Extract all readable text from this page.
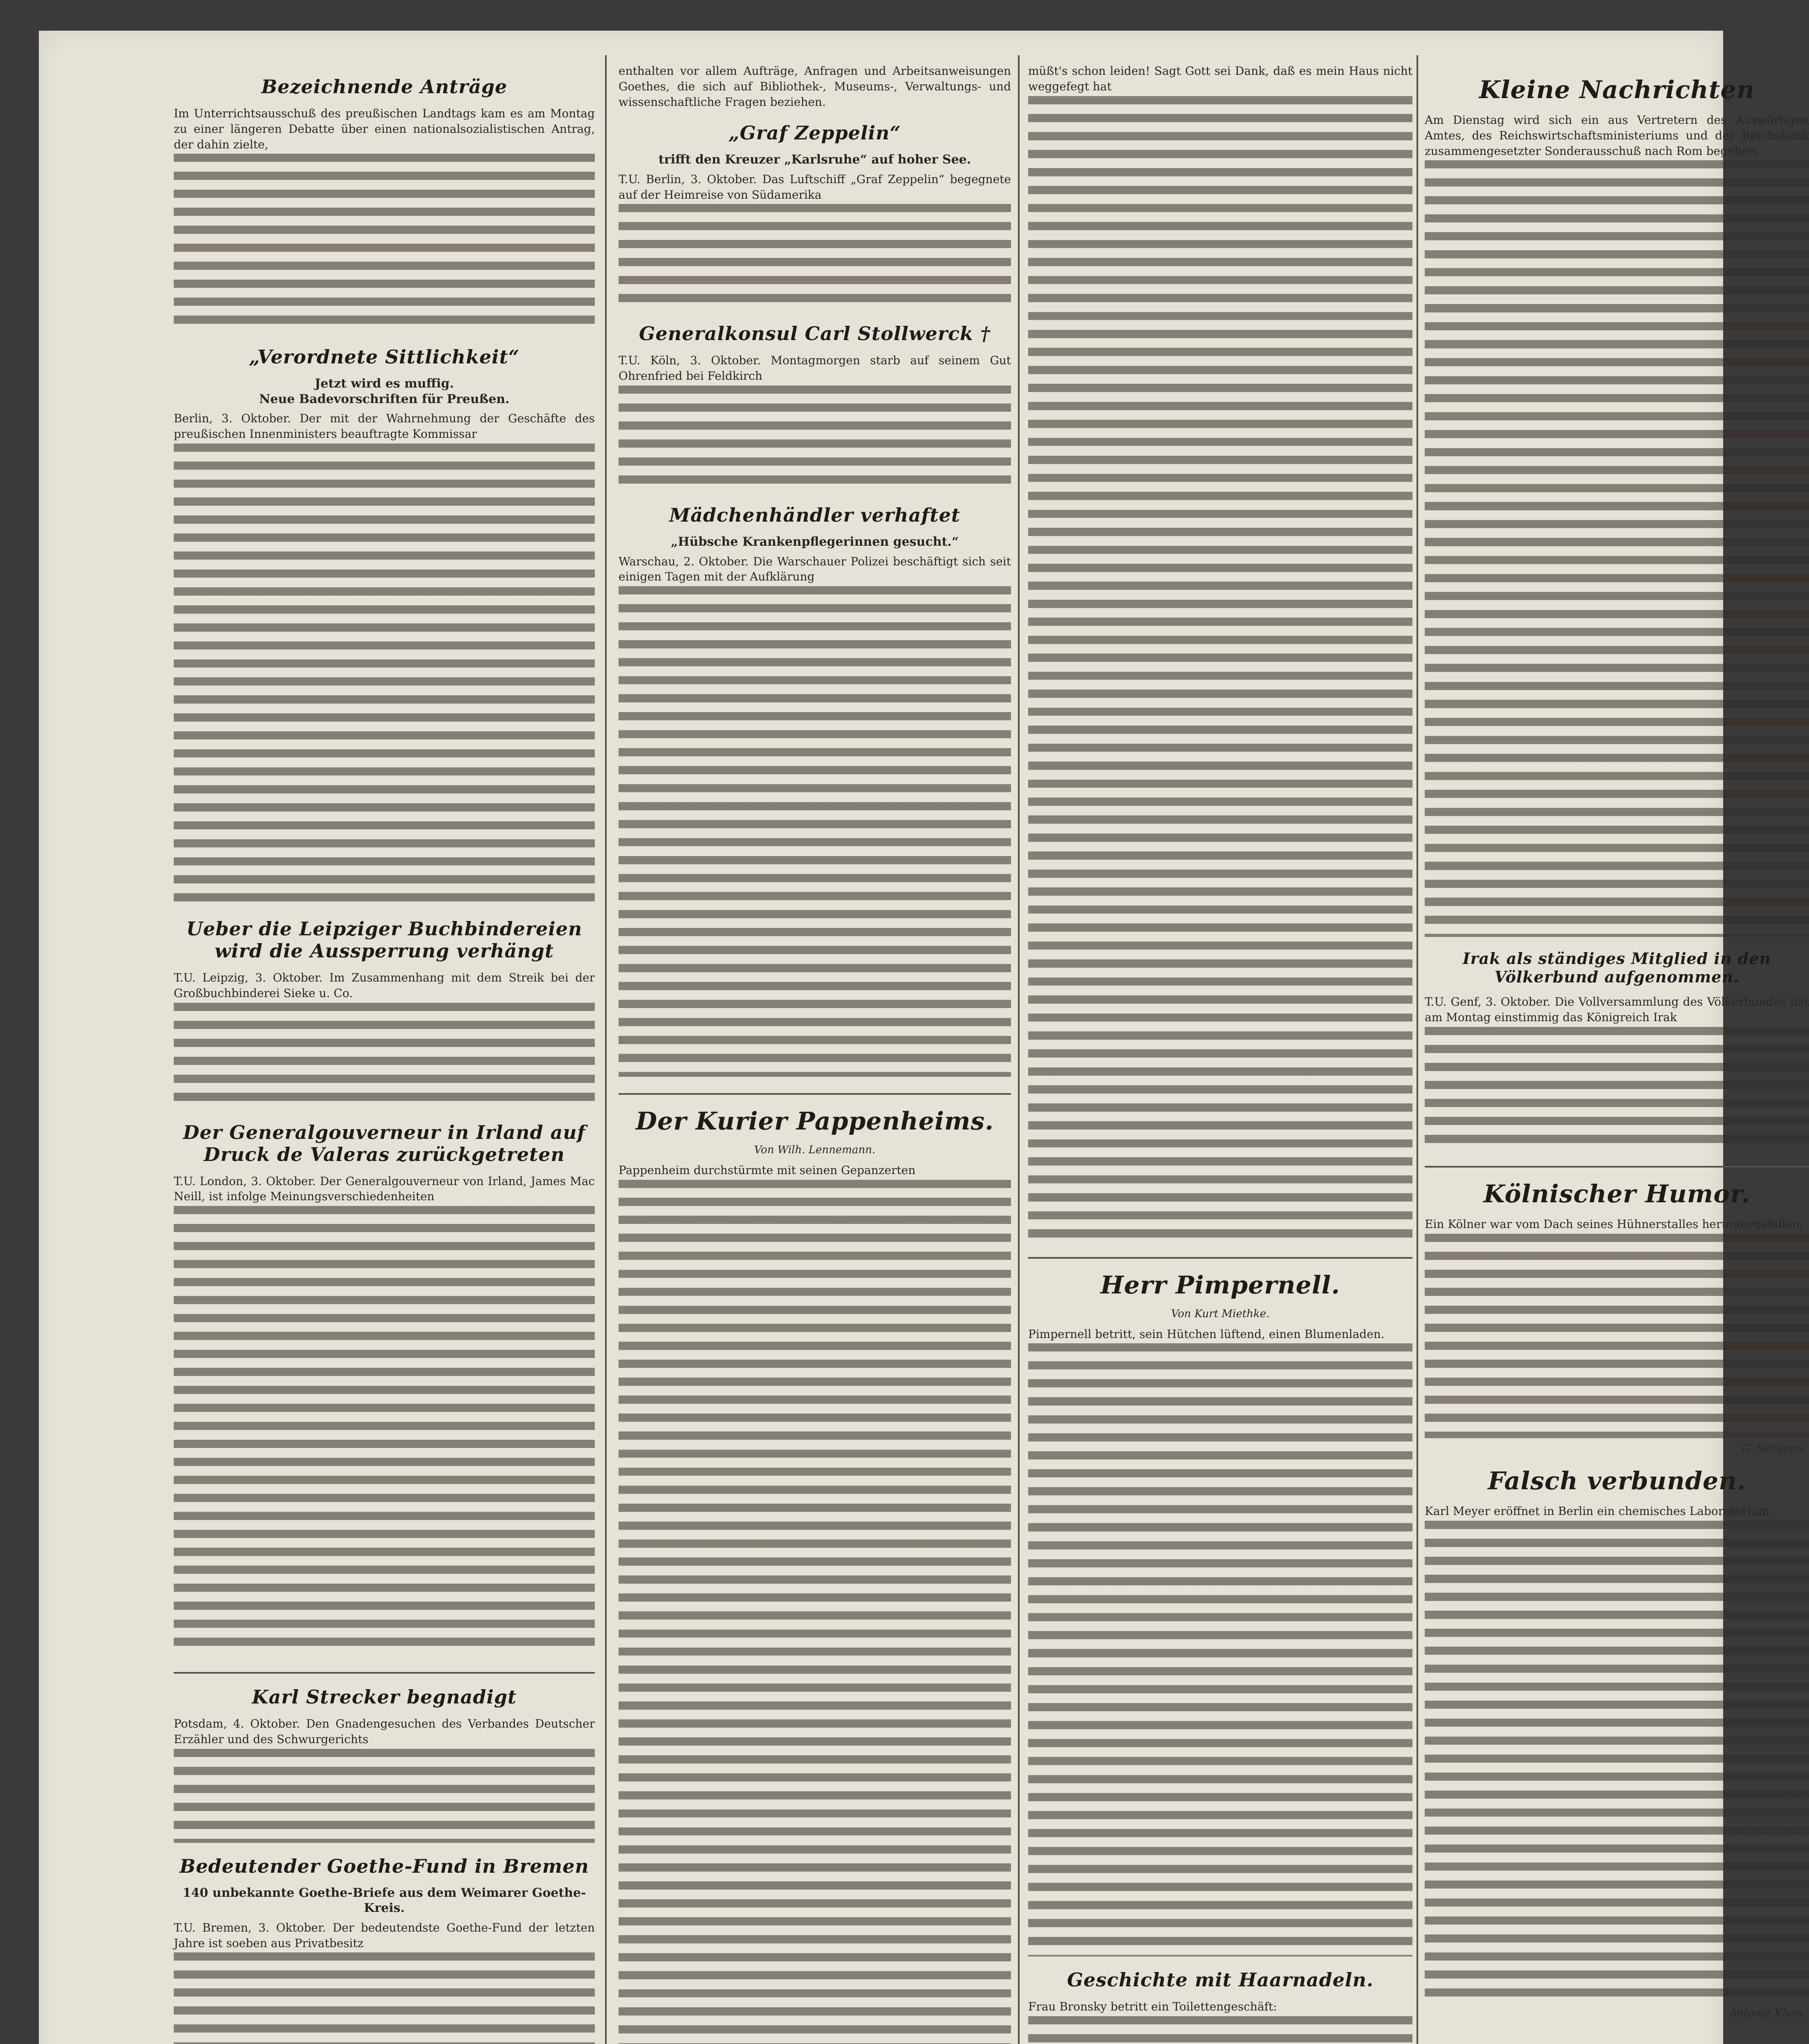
Bezeichnende Anträge

Im Unterrichtsausschuß des preußischen Landtags kam es am Montag zu einer längeren Debatte über einen nationalsozialistischen Antrag, der dahin zielte,

„Verordnete Sittlichkeit“
Jetzt wird es muffig.
Neue Badevorschriften für Preußen.

Berlin, 3. Oktober. Der mit der Wahrnehmung der Geschäfte des preußischen Innenministers beauftragte Kommissar

Ueber die Leipziger Buchbindereien wird die Aussperrung verhängt

T.U. Leipzig, 3. Oktober. Im Zusammenhang mit dem Streik bei der Großbuchbinderei Sieke u. Co.

Der Generalgouverneur in Irland auf Druck de Valeras zurückgetreten

T.U. London, 3. Oktober. Der Generalgouverneur von Irland, James Mac Neill, ist infolge Meinungsverschiedenheiten

Karl Strecker begnadigt

Potsdam, 4. Oktober. Den Gnadengesuchen des Verbandes Deutscher Erzähler und des Schwurgerichts

Bedeutender Goethe-Fund in Bremen
140 unbekannte Goethe-Briefe aus dem Weimarer Goethe-Kreis.

T.U. Bremen, 3. Oktober. Der bedeutendste Goethe-Fund der letzten Jahre ist soeben aus Privatbesitz

enthalten vor allem Aufträge, Anfragen und Arbeitsanweisungen Goethes, die sich auf Bibliothek-, Museums-, Verwaltungs- und wissenschaftliche Fragen beziehen.

„Graf Zeppelin“
trifft den Kreuzer „Karlsruhe“ auf hoher See.

T.U. Berlin, 3. Oktober. Das Luftschiff „Graf Zeppelin“ begegnete auf der Heimreise von Südamerika

Generalkonsul Carl Stollwerck †

T.U. Köln, 3. Oktober. Montagmorgen starb auf seinem Gut Ohrenfried bei Feldkirch

Mädchenhändler verhaftet
„Hübsche Krankenpflegerinnen gesucht.“

Warschau, 2. Oktober. Die Warschauer Polizei beschäftigt sich seit einigen Tagen mit der Aufklärung

Der Kurier Pappenheims.
Von Wilh. Lennemann.

Pappenheim durchstürmte mit seinen Gepanzerten

müßt's schon leiden! Sagt Gott sei Dank, daß es mein Haus nicht weggefegt hat

Herr Pimpernell.
Von Kurt Miethke.

Pimpernell betritt, sein Hütchen lüftend, einen Blumenladen.

Geschichte mit Haarnadeln.

Frau Bronsky betritt ein Toilettengeschäft:

Kleine Nachrichten

Am Dienstag wird sich ein aus Vertretern des Auswärtigen Amtes, des Reichswirtschaftsministeriums und der Reichsbank zusammengesetzter Sonderausschuß nach Rom begeben,

Irak als ständiges Mitglied in den Völkerbund aufgenommen.

T.U. Genf, 3. Oktober. Die Vollversammlung des Völkerbundes hat am Montag einstimmig das Königreich Irak

Kölnischer Humor.

Ein Kölner war vom Dach seines Hühnerstalles heruntergefallen,

G. Schüren.
Falsch verbunden.

Karl Meyer eröffnet in Berlin ein chemisches Laboratorium.

Antonie Khan.
